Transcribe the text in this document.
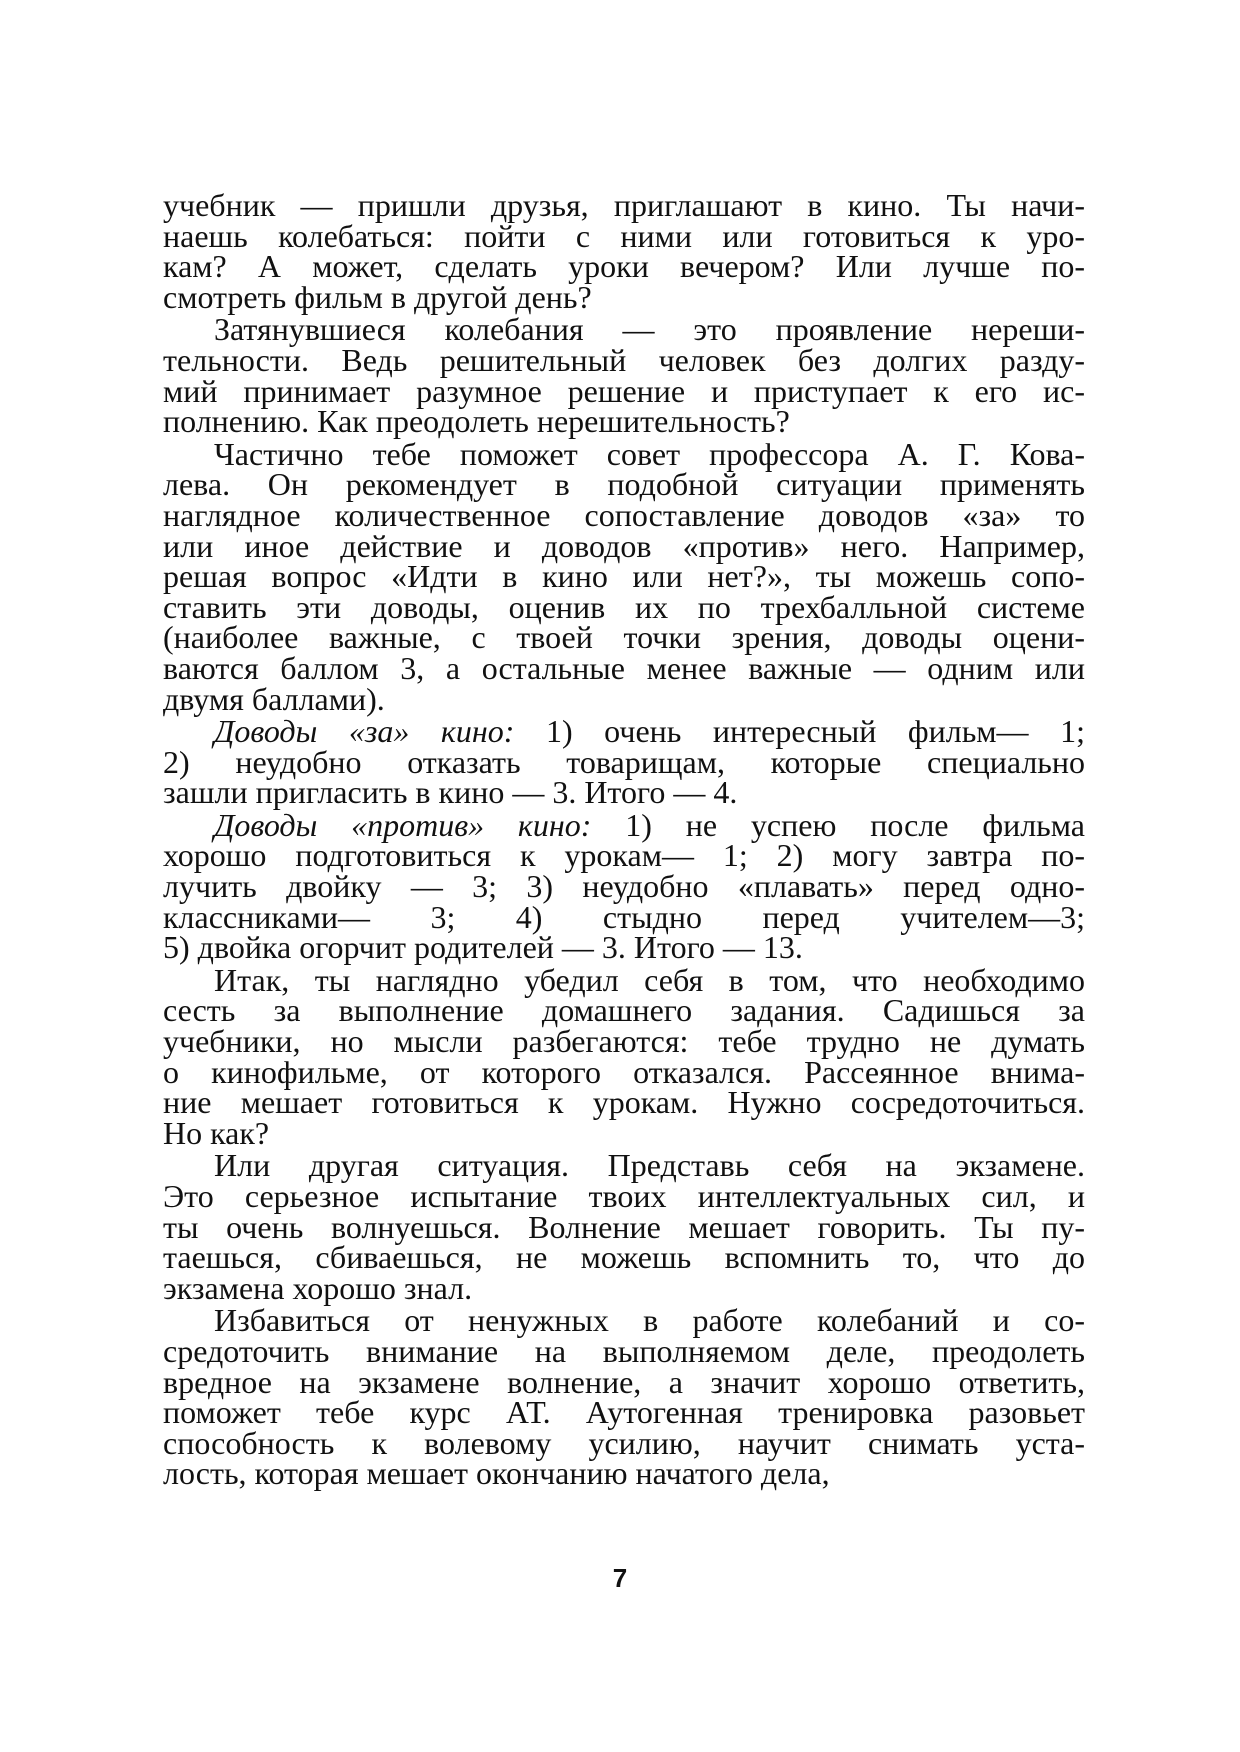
учебник — пришли друзья, приглашают в кино. Ты начи-
наешь колебаться: пойти с ними или готовиться к уро-
кам? А может, сделать уроки вечером? Или лучше по-
смотреть фильм в другой день?
Затянувшиеся колебания — это проявление нереши-
тельности. Ведь решительный человек без долгих разду-
мий принимает разумное решение и приступает к его ис-
полнению. Как преодолеть нерешительность?
Частично тебе поможет совет профессора А. Г. Кова-
лева. Он рекомендует в подобной ситуации применять
наглядное количественное сопоставление доводов «за» то
или иное действие и доводов «против» него. Например,
решая вопрос «Идти в кино или нет?», ты можешь сопо-
ставить эти доводы, оценив их по трехбалльной системе
(наиболее важные, с твоей точки зрения, доводы оцени-
ваются баллом 3, а остальные менее важные — одним или
двумя баллами).
Доводы «за» кино: 1) очень интересный фильм— 1;
2) неудобно отказать товарищам, которые специально
зашли пригласить в кино — 3. Итого — 4.
Доводы «против» кино: 1) не успею после фильма
хорошо подготовиться к урокам— 1; 2) могу завтра по-
лучить двойку — 3; 3) неудобно «плавать» перед одно-
классниками— 3; 4) стыдно перед учителем—3;
5) двойка огорчит родителей — 3. Итого — 13.
Итак, ты наглядно убедил себя в том, что необходимо
сесть за выполнение домашнего задания. Садишься за
учебники, но мысли разбегаются: тебе трудно не думать
о кинофильме, от которого отказался. Рассеянное внима-
ние мешает готовиться к урокам. Нужно сосредоточиться.
Но как?
Или другая ситуация. Представь себя на экзамене.
Это серьезное испытание твоих интеллектуальных сил, и
ты очень волнуешься. Волнение мешает говорить. Ты пу-
таешься, сбиваешься, не можешь вспомнить то, что до
экзамена хорошо знал.
Избавиться от ненужных в работе колебаний и со-
средоточить внимание на выполняемом деле, преодолеть
вредное на экзамене волнение, а значит хорошо ответить,
поможет тебе курс АТ. Аутогенная тренировка разовьет
способность к волевому усилию, научит снимать уста-
лость, которая мешает окончанию начатого дела,
7
